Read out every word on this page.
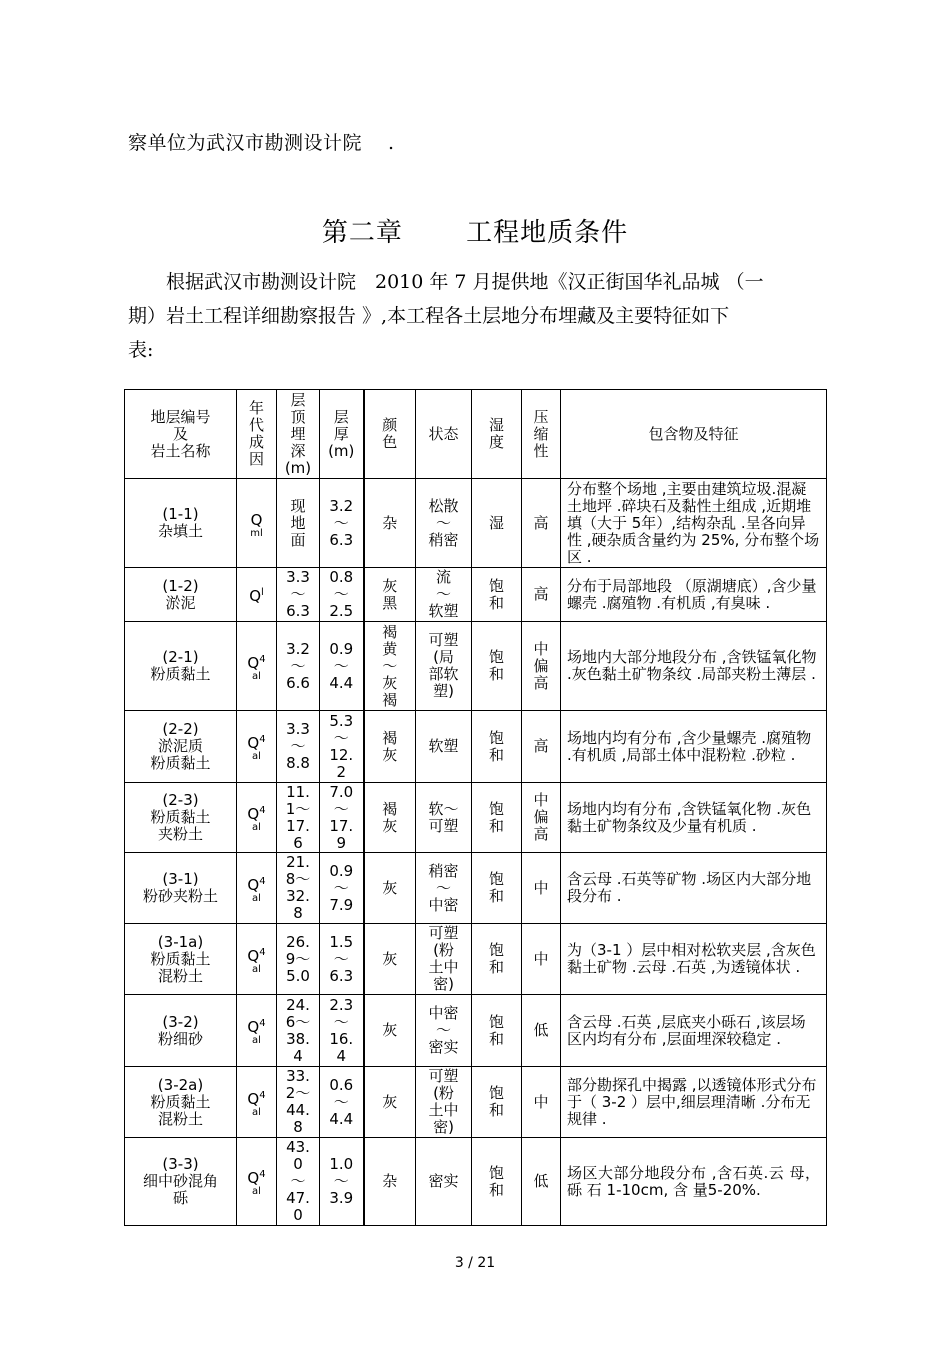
察单位为武汉市勘测设计院 　.
第二章 　　工程地质条件
　　根据武汉市勘测设计院　2010 年 7 月提供地《汉正街国华礼品城 （一
期）岩土工程详细勘察报告 》,本工程各土层地分布埋藏及主要特征如下
表:
地层编号
及
岩土名称	年
代
成
因	层
顶
埋
深
(m)	层
厚
(m)	颜
色	状态	湿
度	压
缩
性	包含物及特征

(1-1)
杂填土	Q
ml	现
地
面	3.2
～
6.3	杂	松散
～
稍密	湿	高	分布整个场地 ,主要由建筑垃圾.混凝土地坪 .碎块石及黏性土组成 ,近期堆填（大于 5年）,结构杂乱 .呈各向异性 ,硬杂质含量约为 25%, 分布整个场区 .

(1-2)
淤泥	$Q^l$	3.3
～
6.3	0.8
～
2.5	灰
黑	流
～
软塑	饱
和	高	分布于局部地段 （原湖塘底）,含少量螺壳 .腐殖物 .有机质 ,有臭味 .

(2-1)
粉质黏土	$Q^4$
al	3.2
～
6.6	0.9
～
4.4	褐
黄
～
灰
褐	可塑
(局
部软
塑)	饱
和	中
偏
高	场地内大部分地段分布 ,含铁锰氧化物 .灰色黏土矿物条纹 .局部夹粉土薄层 .

(2-2)
淤泥质
粉质黏土	$Q^4$
al	3.3
～
8.8	5.3
～
12.
2	褐
灰	软塑	饱
和	高	场地内均有分布 ,含少量螺壳 .腐殖物 .有机质 ,局部土体中混粉粒 .砂粒 .

(2-3)
粉质黏土
夹粉土	$Q^4$
al	11.
1～
17.
6	7.0
～
17.
9	褐
灰	软～
可塑	饱
和	中
偏
高	场地内均有分布 ,含铁锰氧化物 .灰色黏土矿物条纹及少量有机质 .

(3-1)
粉砂夹粉土	$Q^4$
al	21.
8～
32.
8	0.9
～
7.9	灰	稍密
～
中密	饱
和	中	含云母 .石英等矿物 .场区内大部分地段分布 .

(3-1a)
粉质黏土
混粉土	$Q^4$
al	26.
9～
5.0	1.5
～
6.3	灰	可塑
(粉
土中
密)	饱
和	中	为（3-1 ）层中相对松软夹层 ,含灰色黏土矿物 .云母 .石英 ,为透镜体状 .

(3-2)
粉细砂	$Q^4$
al	24.
6～
38.
4	2.3
～
16.
4	灰	中密
～
密实	饱
和	低	含云母 .石英 ,层底夹小砾石 ,该层场区内均有分布 ,层面埋深较稳定 .

(3-2a)
粉质黏土
混粉土	$Q^4$
al	33.
2～
44.
8	0.6
～
4.4	灰	可塑
(粉
土中
密)	饱
和	中	部分勘探孔中揭露 ,以透镜体形式分布于（ 3-2 ）层中,细层理清晰 .分布无规律 .

(3-3)
细中砂混角
砾	$Q^4$
al	43.
0
～
47.
0	1.0
～
3.9	杂	密实	饱
和	低	场区大部分地段分布 ,含石英.云 母，砾 石 1-10cm, 含 量5-20%.
3 / 21
